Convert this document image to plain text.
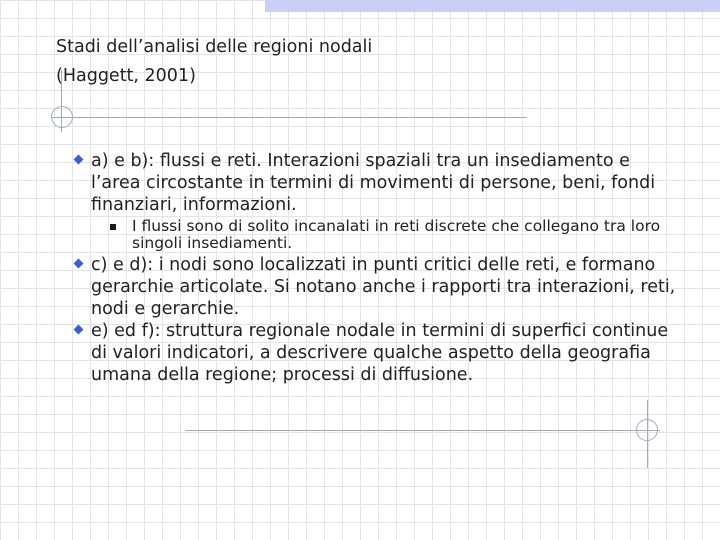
Stadi dell’analisi delle regioni nodali
(Haggett, 2001)
a) e b): flussi e reti. Interazioni spaziali tra un insediamento e l’area circostante in termini di movimenti di persone, beni, fondi finanziari, informazioni.
I flussi sono di solito incanalati in reti discrete che collegano tra loro singoli insediamenti.
c) e d): i nodi sono localizzati in punti critici delle reti, e formano gerarchie articolate. Si notano anche i rapporti tra interazioni, reti, nodi e gerarchie.
e) ed f): struttura regionale nodale in termini di superfici continue di valori indicatori, a descrivere qualche aspetto della geografia umana della regione; processi di diffusione.
